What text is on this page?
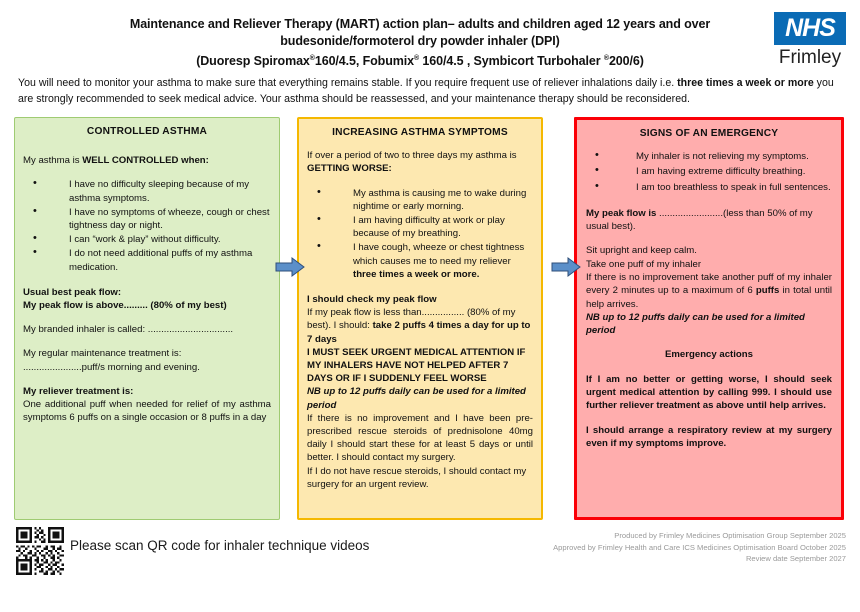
Maintenance and Reliever Therapy (MART) action plan– adults and children aged 12 years and over
budesonide/formoterol dry powder inhaler (DPI)
(Duoresp Spiromax®160/4.5, Fobumix® 160/4.5 , Symbicort Turbohaler ®200/6)
NHS
Frimley
You will need to monitor your asthma to make sure that everything remains stable. If you require frequent use of reliever inhalations daily i.e. three times a week or more you are strongly recommended to seek medical advice. Your asthma should be reassessed, and your maintenance therapy should be reconsidered.
CONTROLLED ASTHMA

My asthma is WELL CONTROLLED when:

• I have no difficulty sleeping because of my asthma symptoms.
• I have no symptoms of wheeze, cough or chest tightness day or night.
• I can “work & play” without difficulty.
• I do not need additional puffs of my asthma medication.

Usual best peak flow:

My peak flow is above......... (80% of my best)

My branded inhaler is called: ................................

My regular maintenance treatment is:

......................puff/s morning and evening.

My reliever treatment is:

One additional puff when needed for relief of my asthma symptoms 6 puffs on a single occasion or 8 puffs in a day

INCREASING ASTHMA SYMPTOMS

If over a period of two to three days my asthma is GETTING WORSE:

• My asthma is causing me to wake during nightime or early morning.
• I am having difficulty at work or play because of my breathing.
• I have cough, wheeze or chest tightness which causes me to need my reliever three times a week or more.

I should check my peak flow

If my peak flow is less than................ (80% of my best). I should: take 2 puffs 4 times a day for up to 7 days

I MUST SEEK URGENT MEDICAL ATTENTION IF MY INHALERS HAVE NOT HELPED AFTER 7 DAYS OR IF I SUDDENLY FEEL WORSE

NB up to 12 puffs daily can be used for a limited period

If there is no improvement and I have been pre-prescribed rescue steroids of prednisolone 40mg daily I should start these for at least 5 days or until better. I should contact my surgery.

If I do not have rescue steroids, I should contact my surgery for an urgent review.

SIGNS OF AN EMERGENCY
• My inhaler is not relieving my symptoms.
• I am having extreme difficulty breathing.
• I am too breathless to speak in full sentences.

My peak flow is ........................(less than 50% of my usual best).

Sit upright and keep calm.

Take one puff of my inhaler

If there is no improvement take another puff of my inhaler every 2 minutes up to a maximum of 6 puffs in total until help arrives.

NB up to 12 puffs daily can be used for a limited period

Emergency actions

If I am no better or getting worse, I should seek urgent medical attention by calling 999. I should use further reliever treatment as above until help arrives.

I should arrange a respiratory review at my surgery even if my symptoms improve.

Please scan QR code for inhaler technique videos
Produced by Frimley Medicines Optimisation Group September 2025
Approved by Frimley Health and Care ICS Medicines Optimisation Board October 2025
Review date September 2027
